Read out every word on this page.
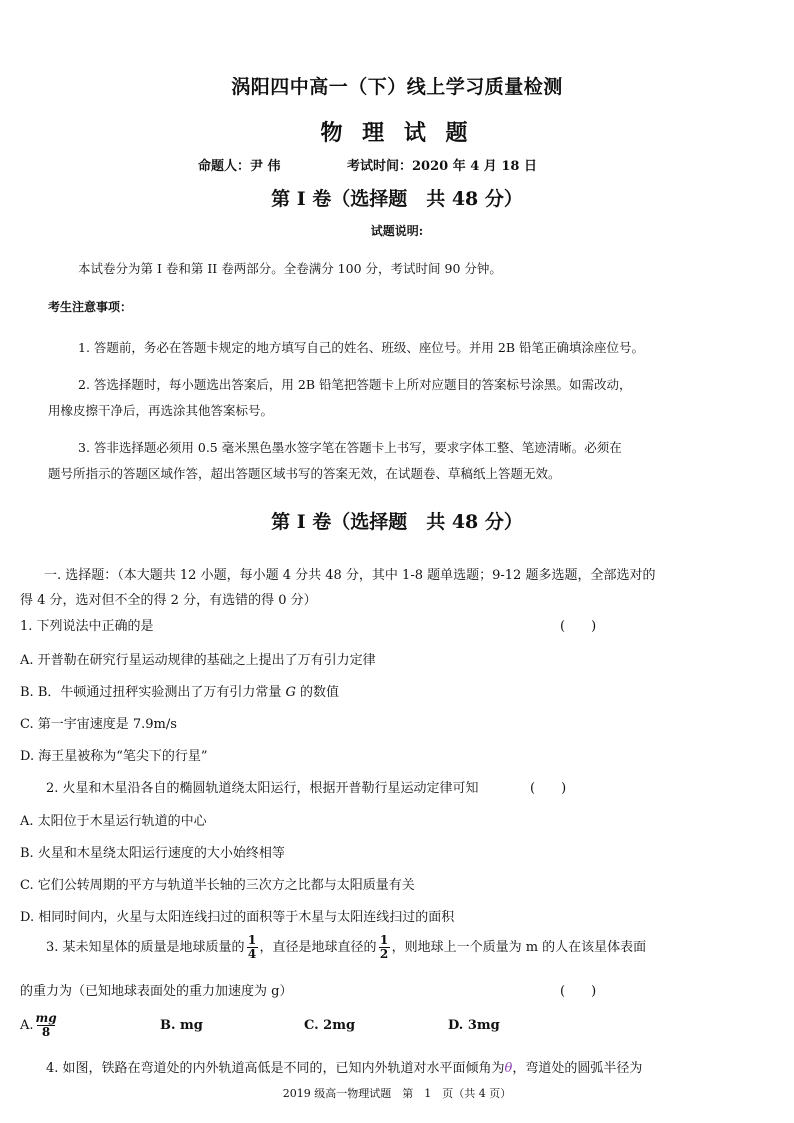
涡阳四中高一（下）线上学习质量检测
物 理 试 题
命题人：尹 伟	考试时间：2020 年 4 月 18 日
第 I 卷（选择题　共 48 分）
试题说明:
本试卷分为第 I 卷和第 II 卷两部分。全卷满分 100 分，考试时间 90 分钟。
考生注意事项：
1. 答题前，务必在答题卡规定的地方填写自己的姓名、班级、座位号。并用 2B 铅笔正确填涂座位号。
2. 答选择题时，每小题选出答案后，用 2B 铅笔把答题卡上所对应题目的答案标号涂黑。如需改动，
用橡皮擦干净后，再选涂其他答案标号。
3. 答非选择题必须用 0.5 毫米黑色墨水签字笔在答题卡上书写，要求字体工整、笔迹清晰。必须在
题号所指示的答题区域作答，超出答题区域书写的答案无效，在试题卷、草稿纸上答题无效。
第 I 卷（选择题　共 48 分）
一. 选择题：（本大题共 12 小题，每小题 4 分共 48 分，其中 1-8 题单选题；9-12 题多选题，全部选对的
得 4 分，选对但不全的得 2 分，有选错的得 0 分）
1. 下列说法中正确的是	(　　)
A. 开普勒在研究行星运动规律的基础之上提出了万有引力定律
B. B．牛顿通过扭秤实验测出了万有引力常量 G 的数值
C. 第一宇宙速度是 7.9m/s
D. 海王星被称为“笔尖下的行星”
2. 火星和木星沿各自的椭圆轨道绕太阳运行，根据开普勒行星运动定律可知	(　　)
A. 太阳位于木星运行轨道的中心
B. 火星和木星绕太阳运行速度的大小始终相等
C. 它们公转周期的平方与轨道半长轴的三次方之比都与太阳质量有关
D. 相同时间内，火星与太阳连线扫过的面积等于木星与太阳连线扫过的面积
3. 某未知星体的质量是地球质量的 $\frac{1}{4}$ ，直径是地球直径的 $\frac{1}{2}$ ，则地球上一个质量为 m 的人在该星体表面
的重力为（已知地球表面处的重力加速度为 g）	(　　)
A. $\frac{mg}{8}$	B. mg	C. 2mg	D. 3mg
4. 如图，铁路在弯道处的内外轨道高低是不同的，已知内外轨道对水平面倾角为θ，弯道处的圆弧半径为
2019 级高一物理试题　第　1　页（共 4 页）
